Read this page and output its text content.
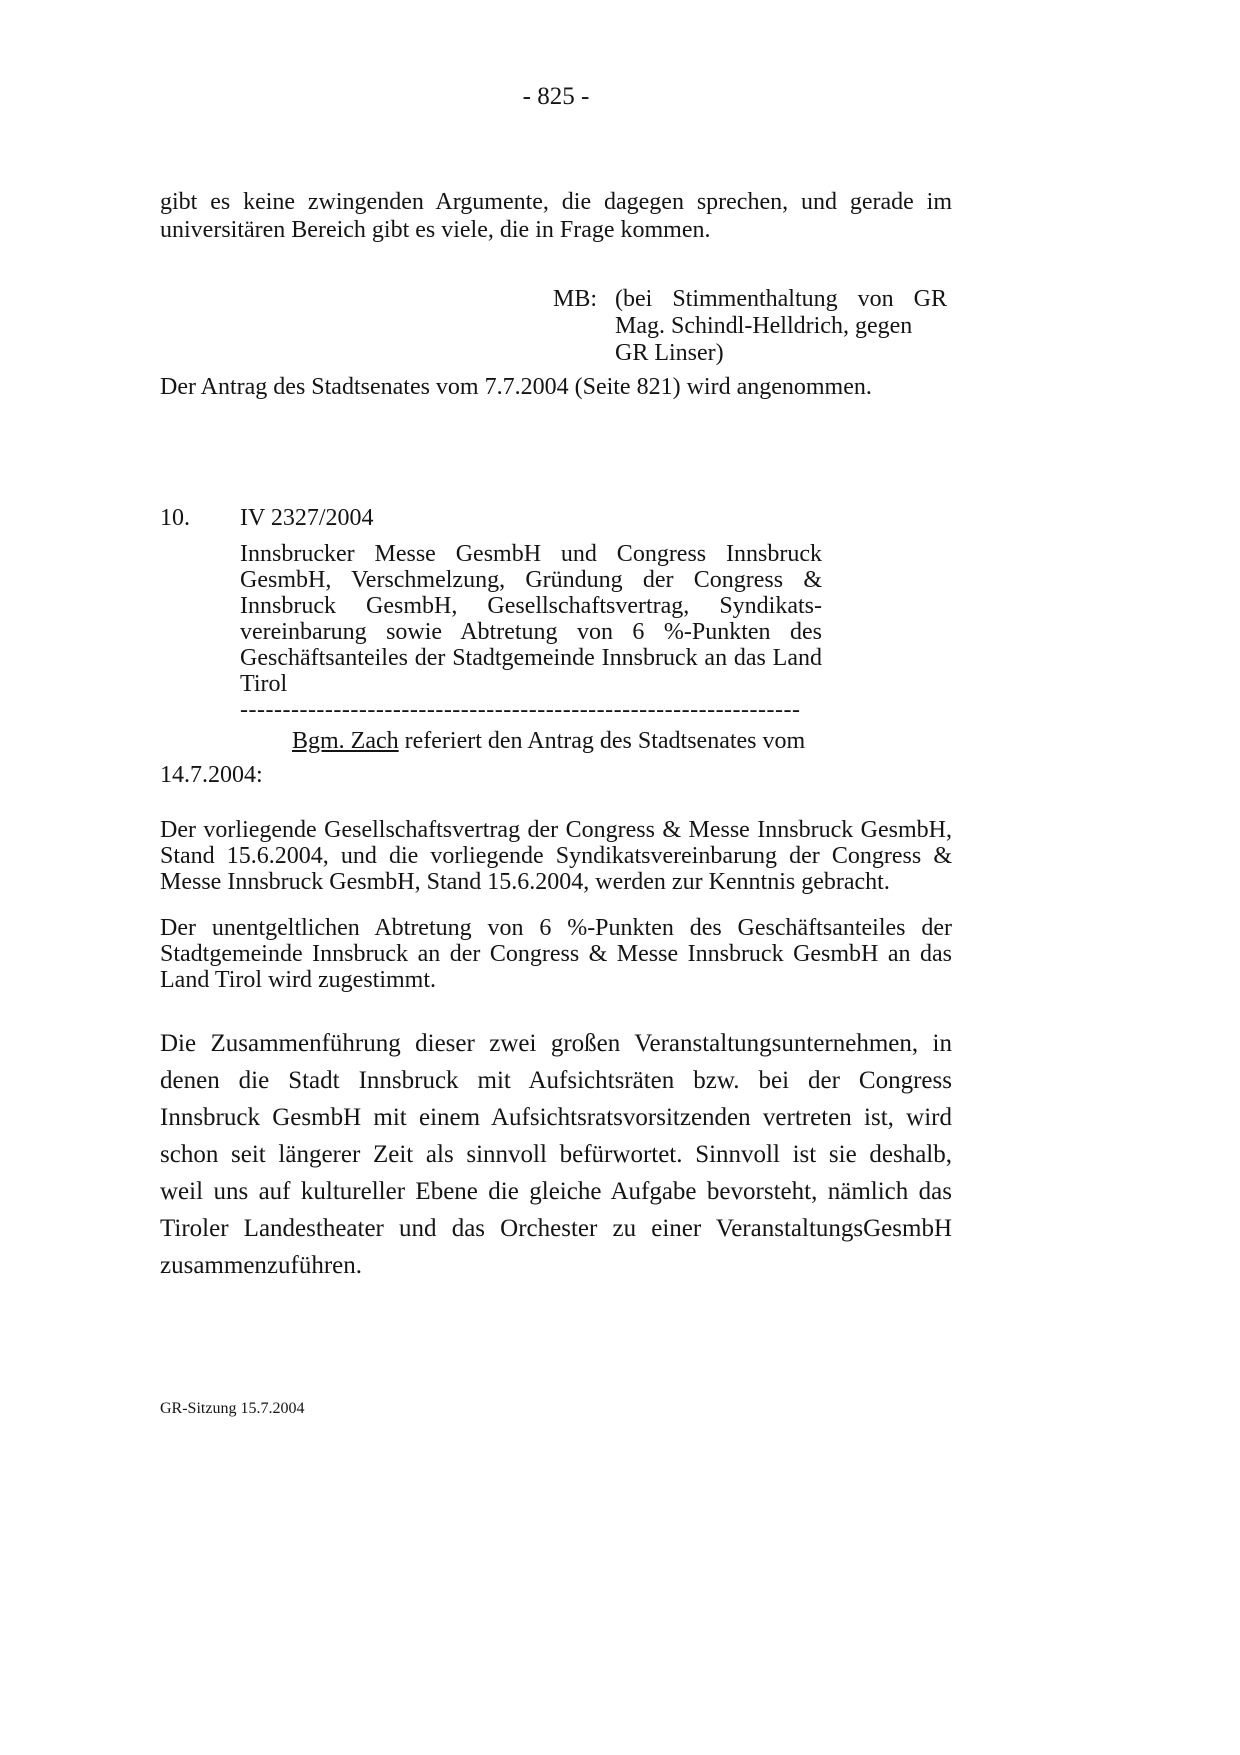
- 825 -

gibt es keine zwingenden Argumente, die dagegen sprechen, und gerade im universitären Bereich gibt es viele, die in Frage kommen.

MB: (bei Stimmenthaltung von GR
Mag. Schindl-Helldrich, gegen
GR Linser)

Der Antrag des Stadtsenates vom 7.7.2004 (Seite 821) wird angenommen.

10. IV 2327/2004
Innsbrucker Messe GesmbH und Congress Innsbruck GesmbH, Verschmelzung, Gründung der Congress & Innsbruck GesmbH, Gesellschaftsvertrag, Syndikatsvereinbarung sowie Abtretung von 6 %-Punkten des Geschäftsanteiles der Stadtgemeinde Innsbruck an das Land Tirol
------------------------------------------------------------------

Bgm. Zach referiert den Antrag des Stadtsenates vom

14.7.2004:

Der vorliegende Gesellschaftsvertrag der Congress & Messe Innsbruck GesmbH, Stand 15.6.2004, und die vorliegende Syndikatsvereinbarung der Congress & Messe Innsbruck GesmbH, Stand 15.6.2004, werden zur Kenntnis gebracht.

Der unentgeltlichen Abtretung von 6 %-Punkten des Geschäftsanteiles der Stadtgemeinde Innsbruck an der Congress & Messe Innsbruck GesmbH an das Land Tirol wird zugestimmt.

Die Zusammenführung dieser zwei großen Veranstaltungsunternehmen, in denen die Stadt Innsbruck mit Aufsichtsräten bzw. bei der Congress Innsbruck GesmbH mit einem Aufsichtsratsvorsitzenden vertreten ist, wird schon seit längerer Zeit als sinnvoll befürwortet. Sinnvoll ist sie deshalb, weil uns auf kultureller Ebene die gleiche Aufgabe bevorsteht, nämlich das Tiroler Landestheater und das Orchester zu einer VeranstaltungsGesmbH zusammenzuführen.

GR-Sitzung 15.7.2004
